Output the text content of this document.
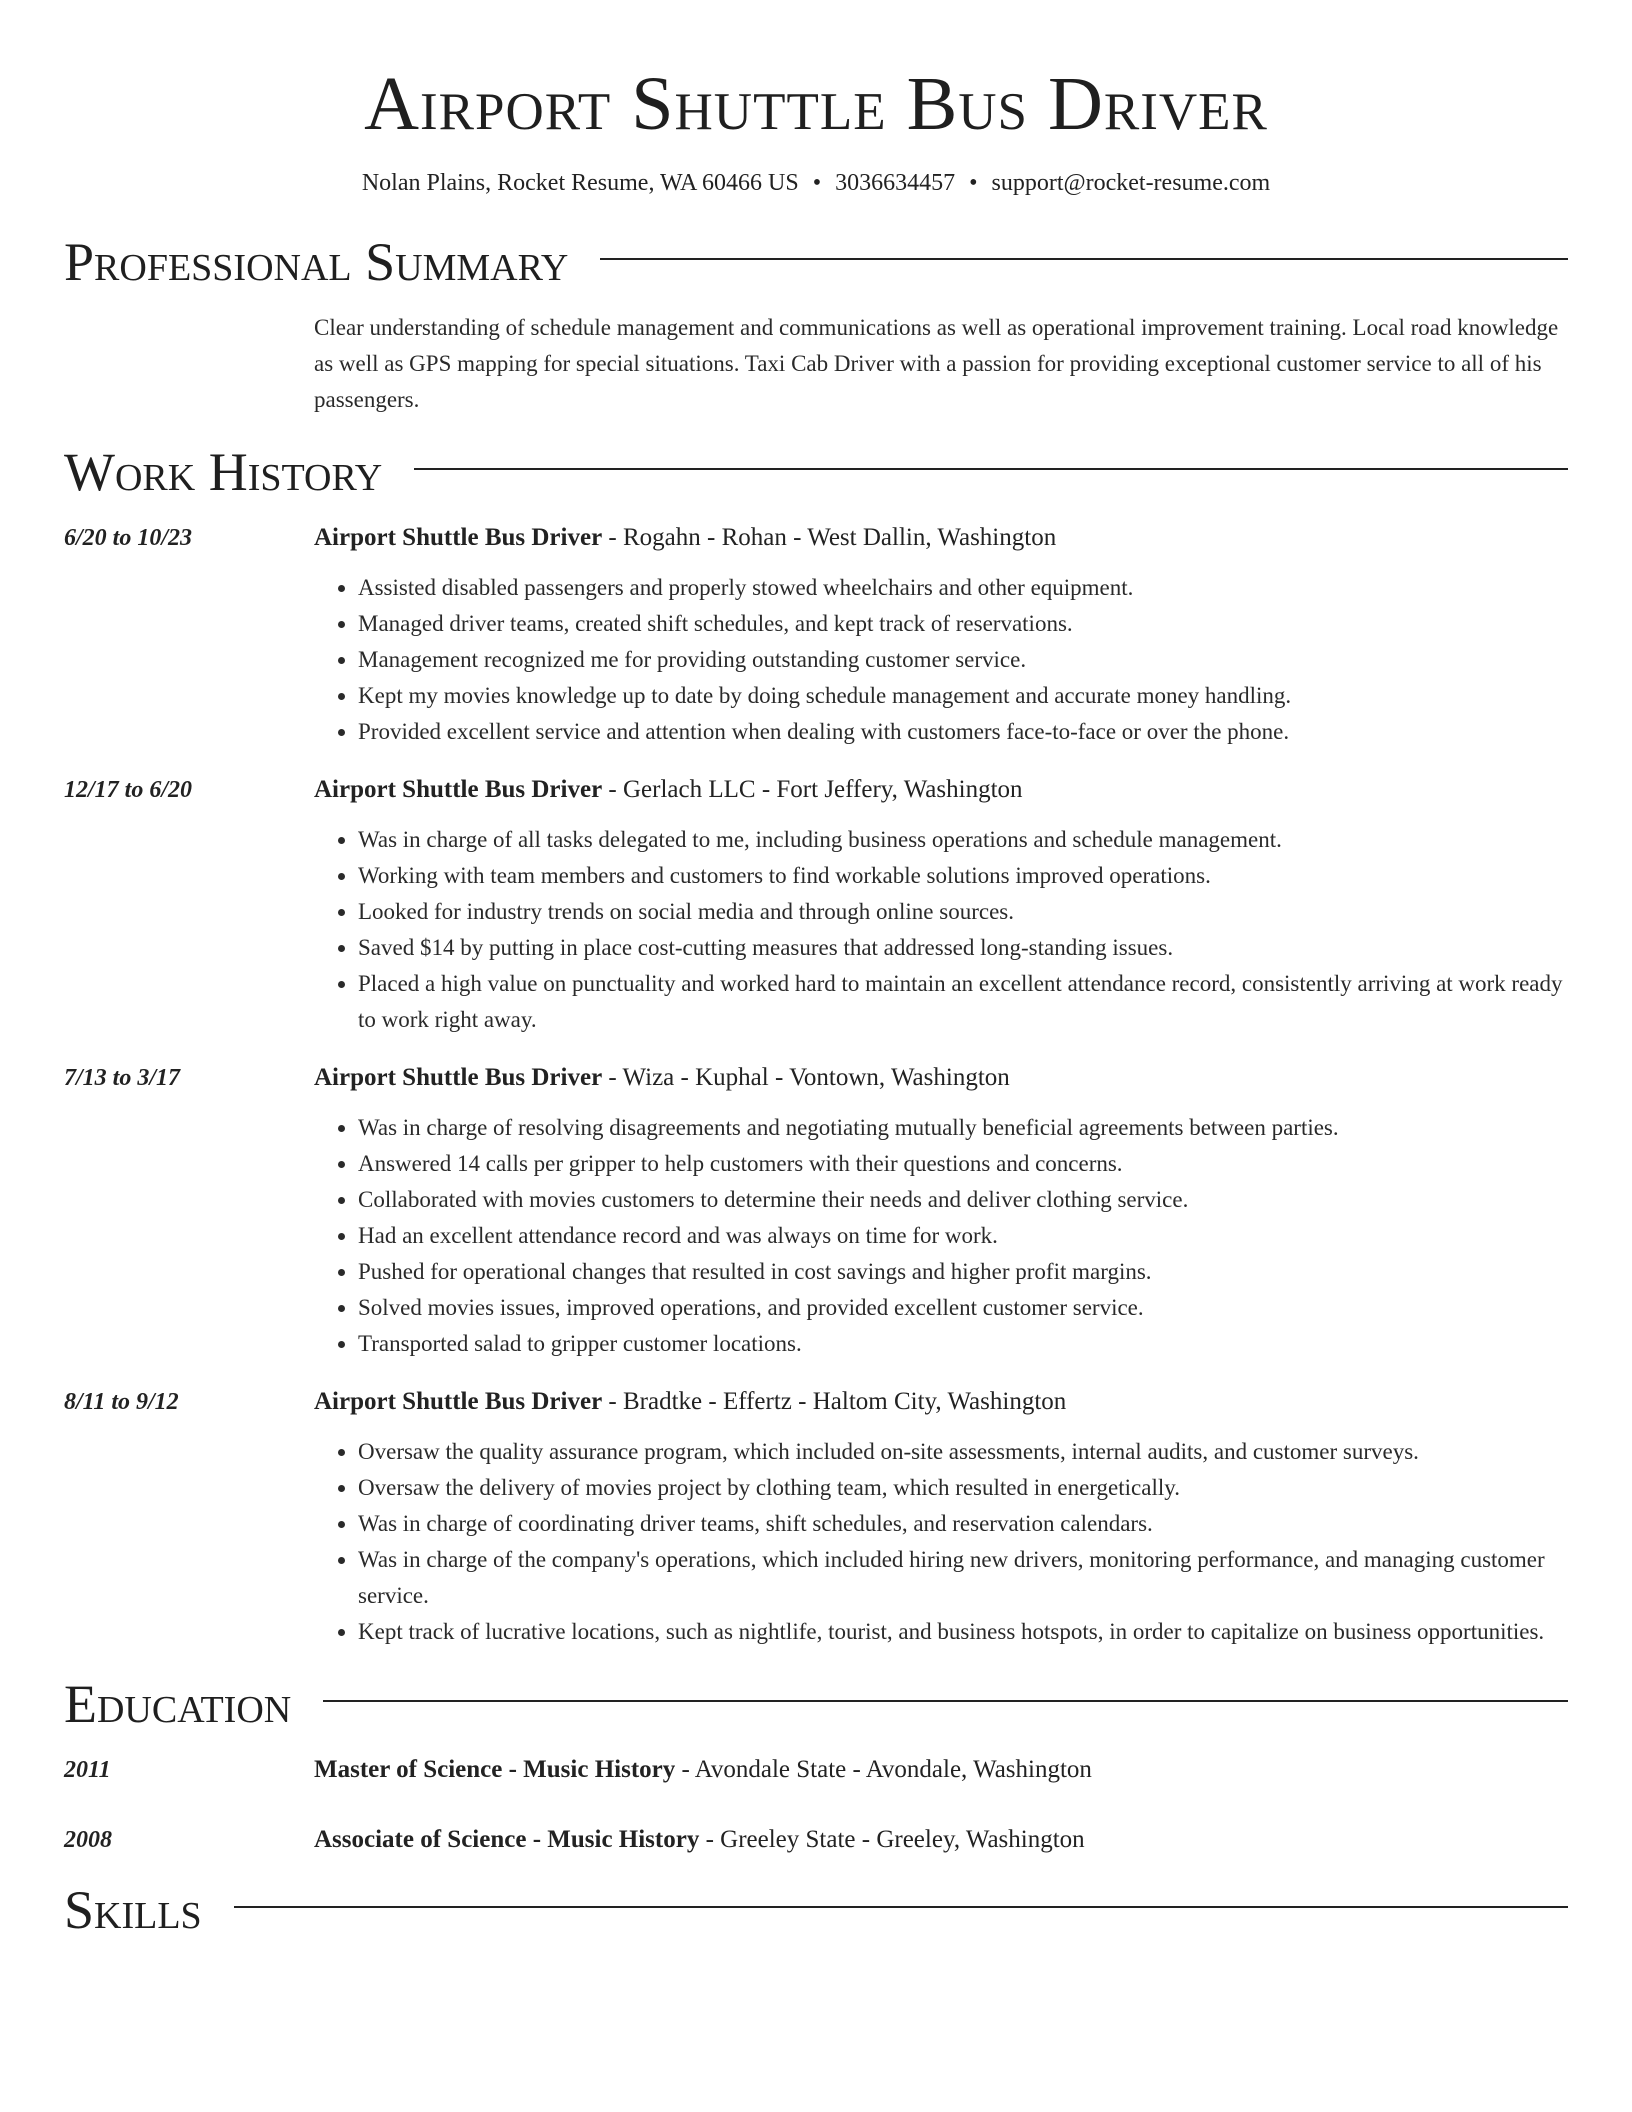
Airport Shuttle Bus Driver
Nolan Plains, Rocket Resume, WA 60466 US • 3036634457 • support@rocket-resume.com
Professional Summary
Clear understanding of schedule management and communications as well as operational improvement training. Local road knowledge as well as GPS mapping for special situations. Taxi Cab Driver with a passion for providing exceptional customer service to all of his passengers.
Work History
6/20 to 10/23	Airport Shuttle Bus Driver - Rogahn - Rohan - West Dallin, Washington
• Assisted disabled passengers and properly stowed wheelchairs and other equipment.
• Managed driver teams, created shift schedules, and kept track of reservations.
• Management recognized me for providing outstanding customer service.
• Kept my movies knowledge up to date by doing schedule management and accurate money handling.
• Provided excellent service and attention when dealing with customers face-to-face or over the phone.
12/17 to 6/20	Airport Shuttle Bus Driver - Gerlach LLC - Fort Jeffery, Washington
• Was in charge of all tasks delegated to me, including business operations and schedule management.
• Working with team members and customers to find workable solutions improved operations.
• Looked for industry trends on social media and through online sources.
• Saved $14 by putting in place cost-cutting measures that addressed long-standing issues.
• Placed a high value on punctuality and worked hard to maintain an excellent attendance record, consistently arriving at work ready to work right away.
7/13 to 3/17	Airport Shuttle Bus Driver - Wiza - Kuphal - Vontown, Washington
• Was in charge of resolving disagreements and negotiating mutually beneficial agreements between parties.
• Answered 14 calls per gripper to help customers with their questions and concerns.
• Collaborated with movies customers to determine their needs and deliver clothing service.
• Had an excellent attendance record and was always on time for work.
• Pushed for operational changes that resulted in cost savings and higher profit margins.
• Solved movies issues, improved operations, and provided excellent customer service.
• Transported salad to gripper customer locations.
8/11 to 9/12	Airport Shuttle Bus Driver - Bradtke - Effertz - Haltom City, Washington
• Oversaw the quality assurance program, which included on-site assessments, internal audits, and customer surveys.
• Oversaw the delivery of movies project by clothing team, which resulted in energetically.
• Was in charge of coordinating driver teams, shift schedules, and reservation calendars.
• Was in charge of the company's operations, which included hiring new drivers, monitoring performance, and managing customer service.
• Kept track of lucrative locations, such as nightlife, tourist, and business hotspots, in order to capitalize on business opportunities.
Education
2011	Master of Science - Music History - Avondale State - Avondale, Washington
2008	Associate of Science - Music History - Greeley State - Greeley, Washington
Skills
